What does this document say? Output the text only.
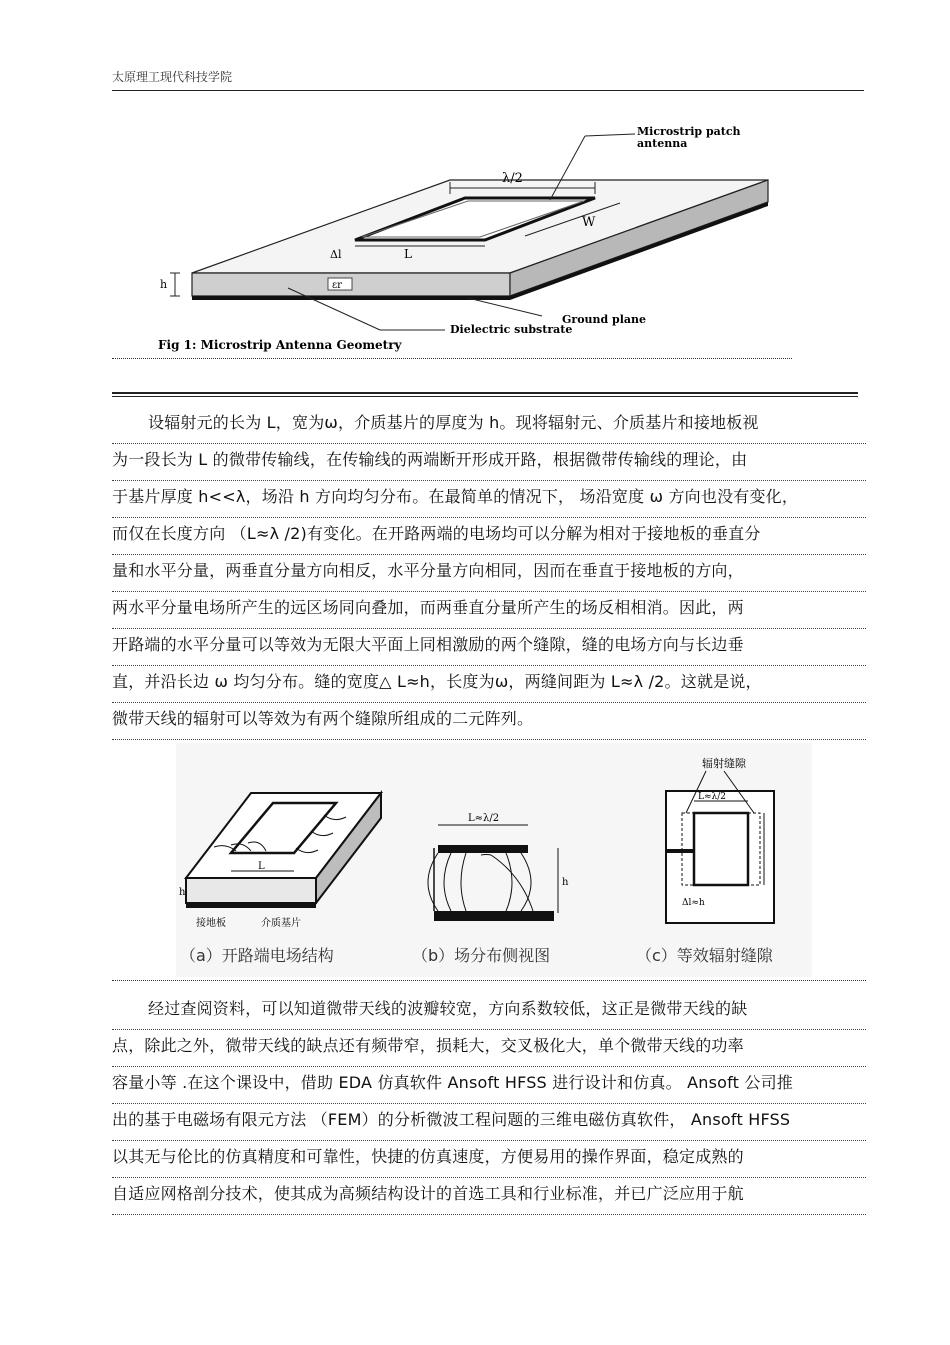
太原理工现代科技学院
λ/2
W
L
Δl
h	εr
Microstrip patch
antenna
Ground plane
Dielectric substrate
Fig 1: Microstrip Antenna Geometry
设辐射元的长为 L，宽为ω，介质基片的厚度为 h。现将辐射元、介质基片和接地板视
为一段长为 L 的微带传输线，在传输线的两端断开形成开路，根据微带传输线的理论，由
于基片厚度 h<<λ，场沿 h 方向均匀分布。在最简单的情况下， 场沿宽度 ω 方向也没有变化，
而仅在长度方向 （L≈λ /2)有变化。在开路两端的电场均可以分解为相对于接地板的垂直分
量和水平分量，两垂直分量方向相反，水平分量方向相同，因而在垂直于接地板的方向，
两水平分量电场所产生的远区场同向叠加，而两垂直分量所产生的场反相相消。因此，两
开路端的水平分量可以等效为无限大平面上同相激励的两个缝隙，缝的电场方向与长边垂
直，并沿长边 ω 均匀分布。缝的宽度△ L≈h，长度为ω，两缝间距为 L≈λ /2。这就是说，
微带天线的辐射可以等效为有两个缝隙所组成的二元阵列。
L
h
接地板	介质基片
L≈λ/2
h
L≈λ/2
Δl≈h
辐射缝隙
（a）开路端电场结构	（b）场分布侧视图	（c）等效辐射缝隙
经过查阅资料，可以知道微带天线的波瓣较宽，方向系数较低，这正是微带天线的缺
点，除此之外，微带天线的缺点还有频带窄，损耗大，交叉极化大，单个微带天线的功率
容量小等 .在这个课设中，借助 EDA 仿真软件 Ansoft HFSS 进行设计和仿真。 Ansoft 公司推
出的基于电磁场有限元方法 （FEM）的分析微波工程问题的三维电磁仿真软件， Ansoft HFSS
以其无与伦比的仿真精度和可靠性，快捷的仿真速度，方便易用的操作界面，稳定成熟的
自适应网格剖分技术，使其成为高频结构设计的首选工具和行业标准，并已广泛应用于航
